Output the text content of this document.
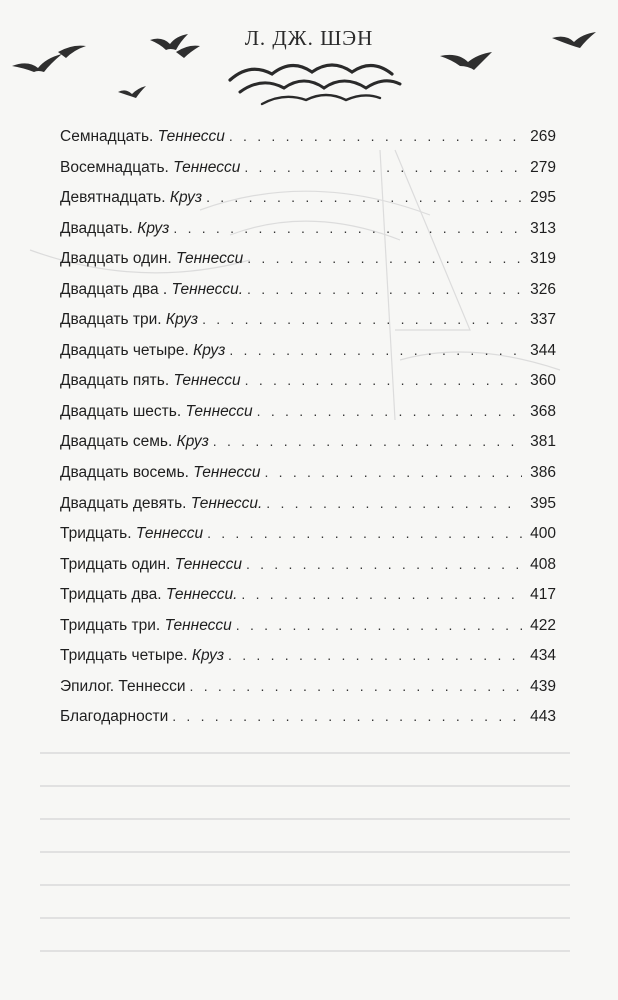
Л. ДЖ. ШЭН
Семнадцать. Теннесси . . .	269
Восемнадцать. Теннесси . . .	279
Девятнадцать. Круз . . .	295
Двадцать. Круз . . .	313
Двадцать один. Теннесси . . .	319
Двадцать два . Теннесси. . . .	326
Двадцать три. Круз . . .	337
Двадцать четыре. Круз . . .	344
Двадцать пять. Теннесси . . .	360
Двадцать шесть. Теннесси . . .	368
Двадцать семь. Круз . . .	381
Двадцать восемь. Теннесси . . .	386
Двадцать девять. Теннесси. . . .	395
Тридцать. Теннесси . . .	400
Тридцать один. Теннесси . . .	408
Тридцать два. Теннесси. . . .	417
Тридцать три. Теннесси . . .	422
Тридцать четыре. Круз . . .	434
Эпилог. Теннесси . . .	439
Благодарности . . .	443
